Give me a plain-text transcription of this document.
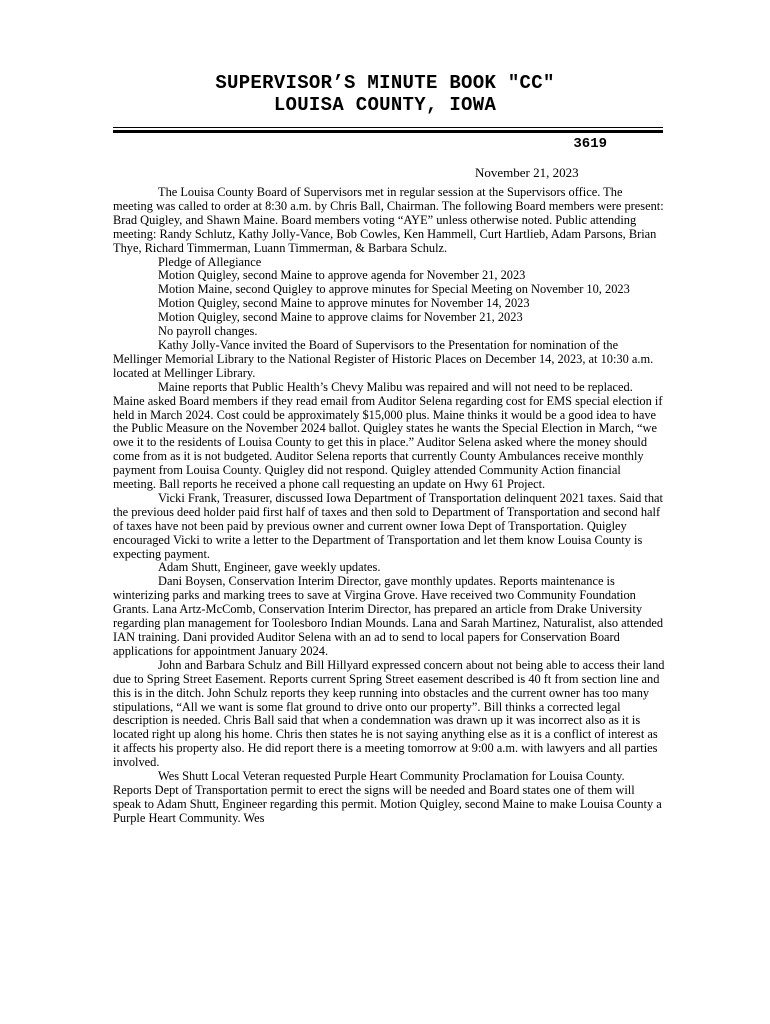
SUPERVISOR’S MINUTE BOOK "CC"
LOUISA COUNTY, IOWA
3619
November 21, 2023

The Louisa County Board of Supervisors met in regular session at the Supervisors office. The meeting was called to order at 8:30 a.m. by Chris Ball, Chairman. The following Board members were present: Brad Quigley, and Shawn Maine. Board members voting “AYE” unless otherwise noted. Public attending meeting: Randy Schlutz, Kathy Jolly-Vance, Bob Cowles, Ken Hammell, Curt Hartlieb, Adam Parsons, Brian Thye, Richard Timmerman, Luann Timmerman, & Barbara Schulz.

Pledge of Allegiance

Motion Quigley, second Maine to approve agenda for November 21, 2023

Motion Maine, second Quigley to approve minutes for Special Meeting on November 10, 2023

Motion Quigley, second Maine to approve minutes for November 14, 2023

Motion Quigley, second Maine to approve claims for November 21, 2023

No payroll changes.

Kathy Jolly-Vance invited the Board of Supervisors to the Presentation for nomination of the Mellinger Memorial Library to the National Register of Historic Places on December 14, 2023, at 10:30 a.m. located at Mellinger Library.

Maine reports that Public Health’s Chevy Malibu was repaired and will not need to be replaced. Maine asked Board members if they read email from Auditor Selena regarding cost for EMS special election if held in March 2024. Cost could be approximately $15,000 plus. Maine thinks it would be a good idea to have the Public Measure on the November 2024 ballot. Quigley states he wants the Special Election in March, “we owe it to the residents of Louisa County to get this in place.” Auditor Selena asked where the money should come from as it is not budgeted. Auditor Selena reports that currently County Ambulances receive monthly payment from Louisa County. Quigley did not respond. Quigley attended Community Action financial meeting. Ball reports he received a phone call requesting an update on Hwy 61 Project.

Vicki Frank, Treasurer, discussed Iowa Department of Transportation delinquent 2021 taxes. Said that the previous deed holder paid first half of taxes and then sold to Department of Transportation and second half of taxes have not been paid by previous owner and current owner Iowa Dept of Transportation. Quigley encouraged Vicki to write a letter to the Department of Transportation and let them know Louisa County is expecting payment.

Adam Shutt, Engineer, gave weekly updates.

Dani Boysen, Conservation Interim Director, gave monthly updates. Reports maintenance is winterizing parks and marking trees to save at Virgina Grove. Have received two Community Foundation Grants. Lana Artz-McComb, Conservation Interim Director, has prepared an article from Drake University regarding plan management for Toolesboro Indian Mounds. Lana and Sarah Martinez, Naturalist, also attended IAN training. Dani provided Auditor Selena with an ad to send to local papers for Conservation Board applications for appointment January 2024.

John and Barbara Schulz and Bill Hillyard expressed concern about not being able to access their land due to Spring Street Easement. Reports current Spring Street easement described is 40 ft from section line and this is in the ditch. John Schulz reports they keep running into obstacles and the current owner has too many stipulations, “All we want is some flat ground to drive onto our property”. Bill thinks a corrected legal description is needed. Chris Ball said that when a condemnation was drawn up it was incorrect also as it is located right up along his home. Chris then states he is not saying anything else as it is a conflict of interest as it affects his property also. He did report there is a meeting tomorrow at 9:00 a.m. with lawyers and all parties involved.

Wes Shutt Local Veteran requested Purple Heart Community Proclamation for Louisa County. Reports Dept of Transportation permit to erect the signs will be needed and Board states one of them will speak to Adam Shutt, Engineer regarding this permit. Motion Quigley, second Maine to make Louisa County a Purple Heart Community. Wes
